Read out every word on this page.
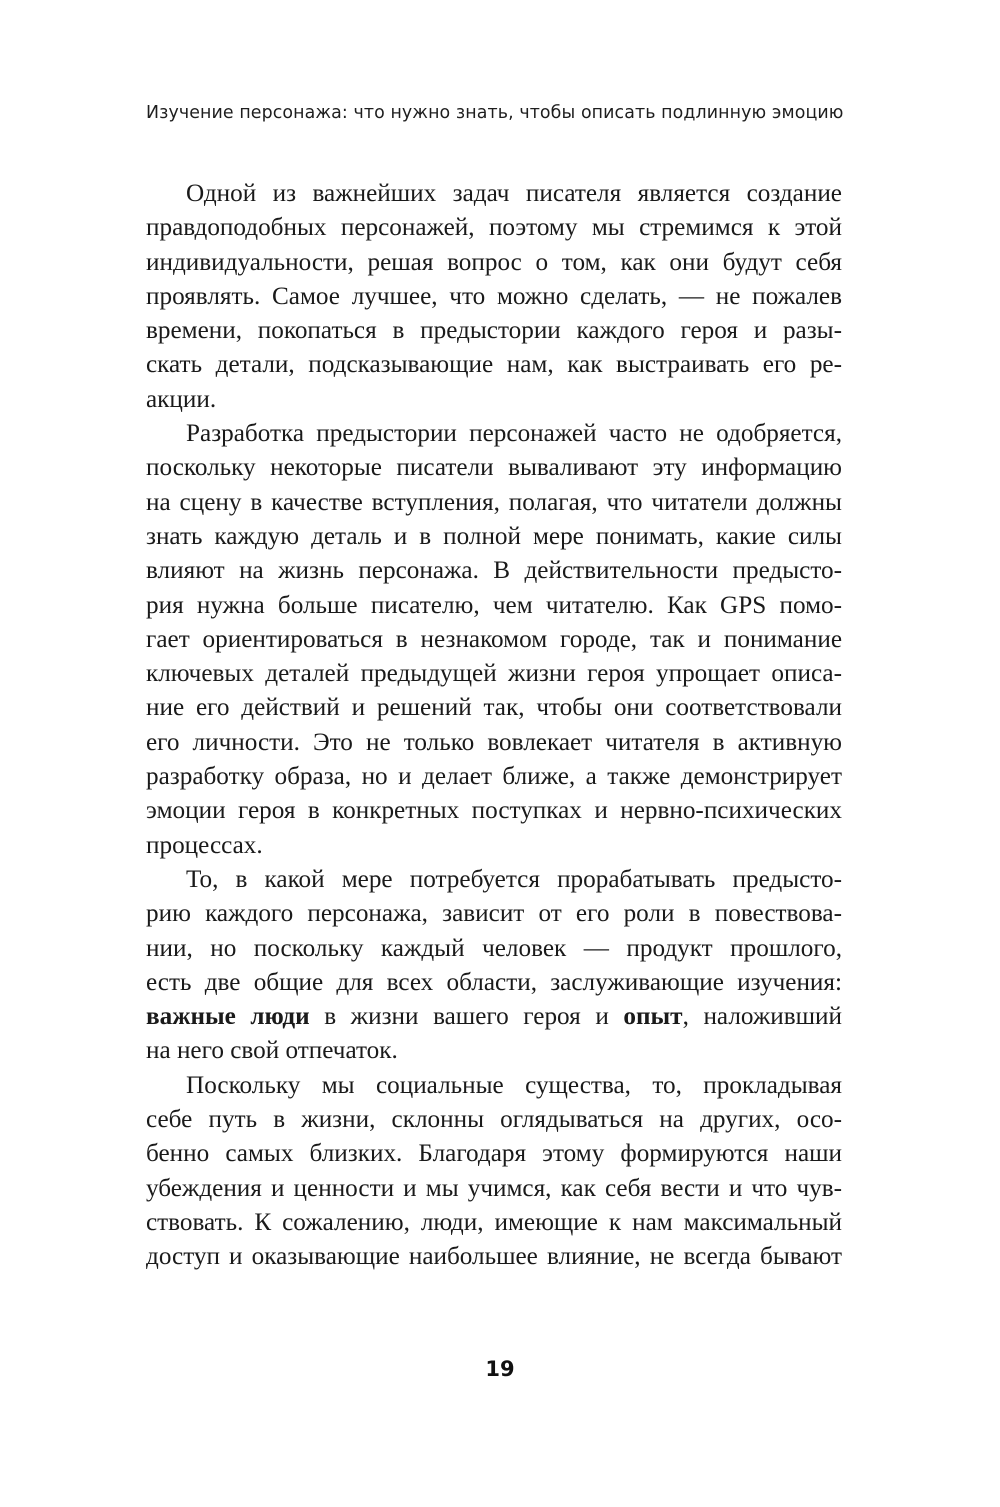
Изучение персонажа: что нужно знать, чтобы описать подлинную эмоцию
Одной из важнейших задач писателя является создание
правдоподобных персонажей, поэтому мы стремимся к этой
индивидуальности, решая вопрос о том, как они будут себя
проявлять. Самое лучшее, что можно сделать, — не пожалев
времени, покопаться в предыстории каждого героя и разы-
скать детали, подсказывающие нам, как выстраивать его ре-
акции.
Разработка предыстории персонажей часто не одобряется,
поскольку некоторые писатели вываливают эту информацию
на сцену в качестве вступления, полагая, что читатели должны
знать каждую деталь и в полной мере понимать, какие силы
влияют на жизнь персонажа. В действительности предысто-
рия нужна больше писателю, чем читателю. Как GPS помо-
гает ориентироваться в незнакомом городе, так и понимание
ключевых деталей предыдущей жизни героя упрощает описа-
ние его действий и решений так, чтобы они соответствовали
его личности. Это не только вовлекает читателя в активную
разработку образа, но и делает ближе, а также демонстрирует
эмоции героя в конкретных поступках и нервно-психических
процессах.
То, в какой мере потребуется прорабатывать предысто-
рию каждого персонажа, зависит от его роли в повествова-
нии, но поскольку каждый человек — продукт прошлого,
есть две общие для всех области, заслуживающие изучения:
важные люди в жизни вашего героя и опыт, наложивший
на него свой отпечаток.
Поскольку мы социальные существа, то, прокладывая
себе путь в жизни, склонны оглядываться на других, осо-
бенно самых близких. Благодаря этому формируются наши
убеждения и ценности и мы учимся, как себя вести и что чув-
ствовать. К сожалению, люди, имеющие к нам максимальный
доступ и оказывающие наибольшее влияние, не всегда бывают
19
